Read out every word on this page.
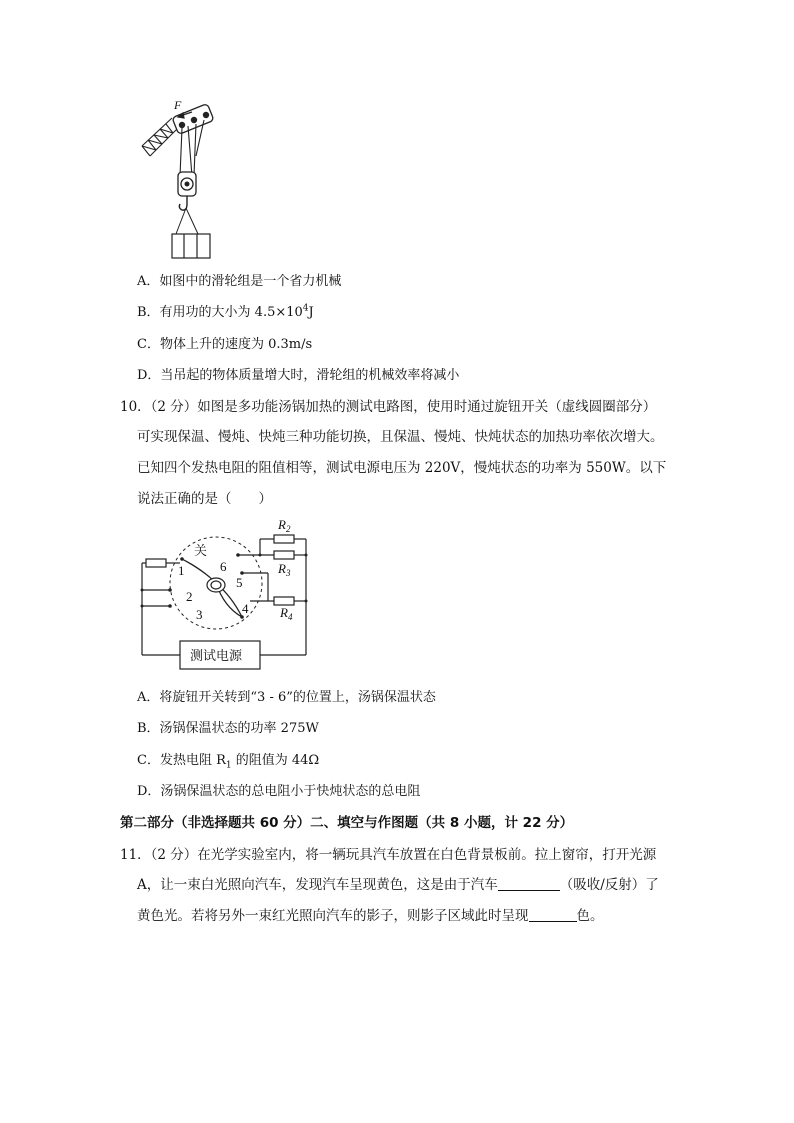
F
A．如图中的滑轮组是一个省力机械
B．有用功的大小为 $4.5\times 10^4J$
C．物体上升的速度为 0.3m/s
D．当吊起的物体质量增大时，滑轮组的机械效率将减小
10．（2 分）如图是多功能汤锅加热的测试电路图，使用时通过旋钮开关（虚线圆圈部分）
可实现保温、慢炖、快炖三种功能切换，且保温、慢炖、快炖状态的加热功率依次增大。
已知四个发热电阻的阻值相等，测试电源电压为 220V，慢炖状态的功率为 550W。以下
说法正确的是（　　）
$R_2$
$R_3$
$R_4$
关
1
2
3	4
5
6
测试电源
A．将旋钮开关转到“3 - 6”的位置上，汤锅保温状态
B．汤锅保温状态的功率 275W
C．发热电阻 $R_1$ 的阻值为 44Ω
D．汤锅保温状态的总电阻小于快炖状态的总电阻
第二部分（非选择题共 60 分）二、填空与作图题（共 8 小题，计 22 分）
11．（2 分）在光学实验室内，将一辆玩具汽车放置在白色背景板前。拉上窗帘，打开光源
A，让一束白光照向汽车，发现汽车呈现黄色，这是由于汽车	（吸收/反射）了
黄色光。若将另外一束红光照向汽车的影子，则影子区域此时呈现	色。
